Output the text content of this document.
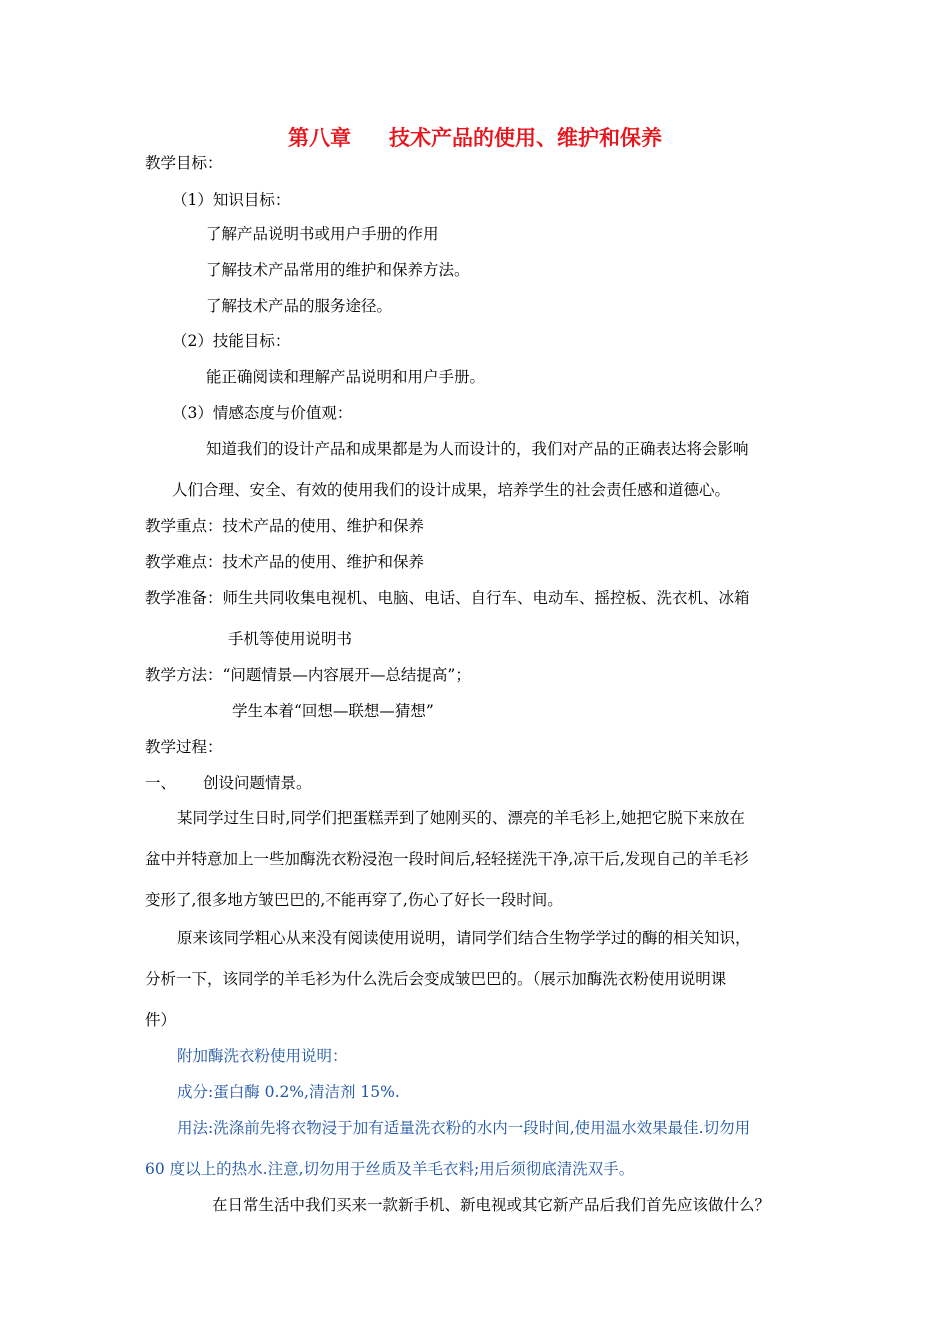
第八章 技术产品的使用、维护和保养
教学目标：
（1）知识目标：
了解产品说明书或用户手册的作用
了解技术产品常用的维护和保养方法。
了解技术产品的服务途径。
（2）技能目标：
能正确阅读和理解产品说明和用户手册。
（3）情感态度与价值观：
知道我们的设计产品和成果都是为人而设计的，我们对产品的正确表达将会影响
人们合理、安全、有效的使用我们的设计成果，培养学生的社会责任感和道德心。
教学重点：技术产品的使用、维护和保养
教学难点：技术产品的使用、维护和保养
教学准备：师生共同收集电视机、电脑、电话、自行车、电动车、摇控板、洗衣机、冰箱
手机等使用说明书
教学方法：“问题情景—内容展开—总结提高”；
学生本着“回想—联想—猜想”
教学过程：
一、 创设问题情景。
某同学过生日时,同学们把蛋糕弄到了她刚买的、漂亮的羊毛衫上,她把它脱下来放在
盆中并特意加上一些加酶洗衣粉浸泡一段时间后,轻轻搓洗干净,凉干后,发现自己的羊毛衫
变形了,很多地方皱巴巴的,不能再穿了,伤心了好长一段时间。
原来该同学粗心从来没有阅读使用说明，请同学们结合生物学学过的酶的相关知识，
分析一下，该同学的羊毛衫为什么洗后会变成皱巴巴的。（展示加酶洗衣粉使用说明课
件）
附加酶洗衣粉使用说明：
成分:蛋白酶 0.2%,清洁剂 15%.
用法:洗涤前先将衣物浸于加有适量洗衣粉的水内一段时间,使用温水效果最佳.切勿用
60 度以上的热水.注意,切勿用于丝质及羊毛衣料;用后须彻底清洗双手。
在日常生活中我们买来一款新手机、新电视或其它新产品后我们首先应该做什么？
